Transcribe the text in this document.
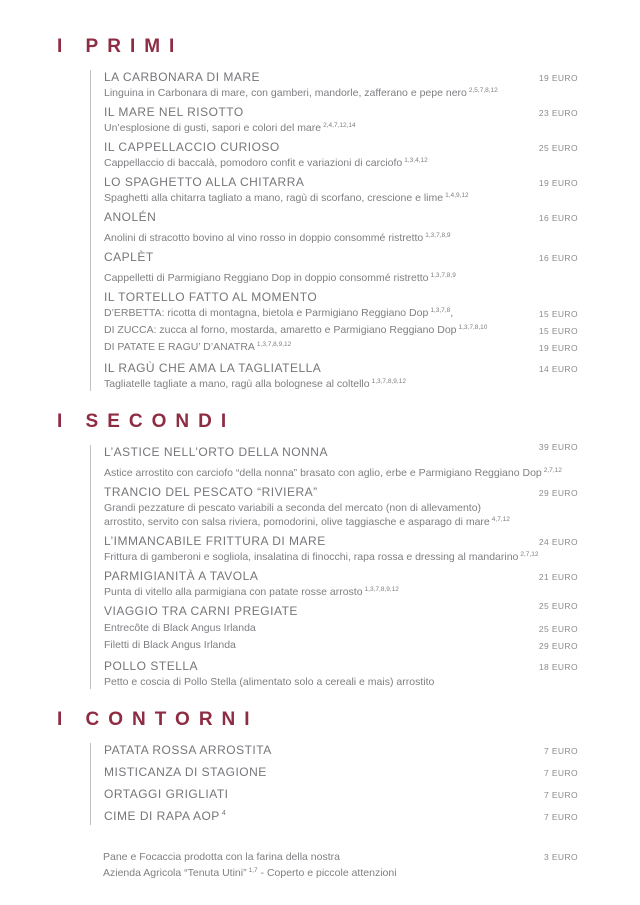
I PRIMI
LA CARBONARA DI MARE	19 EURO
Linguina in Carbonara di mare, con gamberi, mandorle, zafferano e pepe nero $^{2,5,7,8,12}$
IL MARE NEL RISOTTO	23 EURO
Un’esplosione di gusti, sapori e colori del mare $^{2,4,7,12,14}$
IL CAPPELLACCIO CURIOSO	25 EURO
Cappellaccio di baccalà, pomodoro confit e variazioni di carciofo $^{1,3,4,12}$
LO SPAGHETTO ALLA CHITARRA	19 EURO
Spaghetti alla chitarra tagliato a mano, ragù di scorfano, crescione e lime $^{1,4,9,12}$
ANOLÉN	16 EURO
Anolini di stracotto bovino al vino rosso in doppio consommé ristretto $^{1,3,7,8,9}$
CAPLÈT	16 EURO
Cappelletti di Parmigiano Reggiano Dop in doppio consommé ristretto $^{1,3,7,8,9}$
IL TORTELLO FATTO AL MOMENTO
D’ERBETTA: ricotta di montagna, bietola e Parmigiano Reggiano Dop $^{1,3,7,8}$,	15 EURO
DI ZUCCA: zucca al forno, mostarda, amaretto e Parmigiano Reggiano Dop $^{1,3,7,8,10}$	15 EURO
DI PATATE E RAGU’ D’ANATRA $^{1,3,7,8,9,12}$	19 EURO
IL RAGÙ CHE AMA LA TAGLIATELLA	14 EURO
Tagliatelle tagliate a mano, ragù alla bolognese al coltello $^{1,3,7,8,9,12}$
I SECONDI
L’ASTICE NELL’ORTO DELLA NONNA	39 EURO
Astice arrostito con carciofo “della nonna” brasato con aglio, erbe e Parmigiano Reggiano Dop $^{2,7,12}$
TRANCIO DEL PESCATO “RIVIERA”	29 EURO
Grandi pezzature di pescato variabili a seconda del mercato (non di allevamento)
arrostito, servito con salsa riviera, pomodorini, olive taggiasche e asparago di mare $^{4,7,12}$
L’IMMANCABILE FRITTURA DI MARE	24 EURO
Frittura di gamberoni e sogliola, insalatina di finocchi, rapa rossa e dressing al mandarino $^{2,7,12}$
PARMIGIANITÀ A TAVOLA	21 EURO
Punta di vitello alla parmigiana con patate rosse arrosto $^{1,3,7,8,9,12}$
VIAGGIO TRA CARNI PREGIATE	25 EURO
Entrecôte di Black Angus Irlanda	25 EURO
Filetti di Black Angus Irlanda	29 EURO
POLLO STELLA	18 EURO
Petto e coscia di Pollo Stella (alimentato solo a cereali e mais) arrostito
I CONTORNI
PATATA ROSSA ARROSTITA	7 EURO
MISTICANZA DI STAGIONE	7 EURO
ORTAGGI GRIGLIATI	7 EURO
CIME DI RAPA AOP $^4$	7 EURO
Pane e Focaccia prodotta con la farina della nostra	3 EURO
Azienda Agricola “Tenuta Utini” $^{1,7}$ - Coperto e piccole attenzioni
